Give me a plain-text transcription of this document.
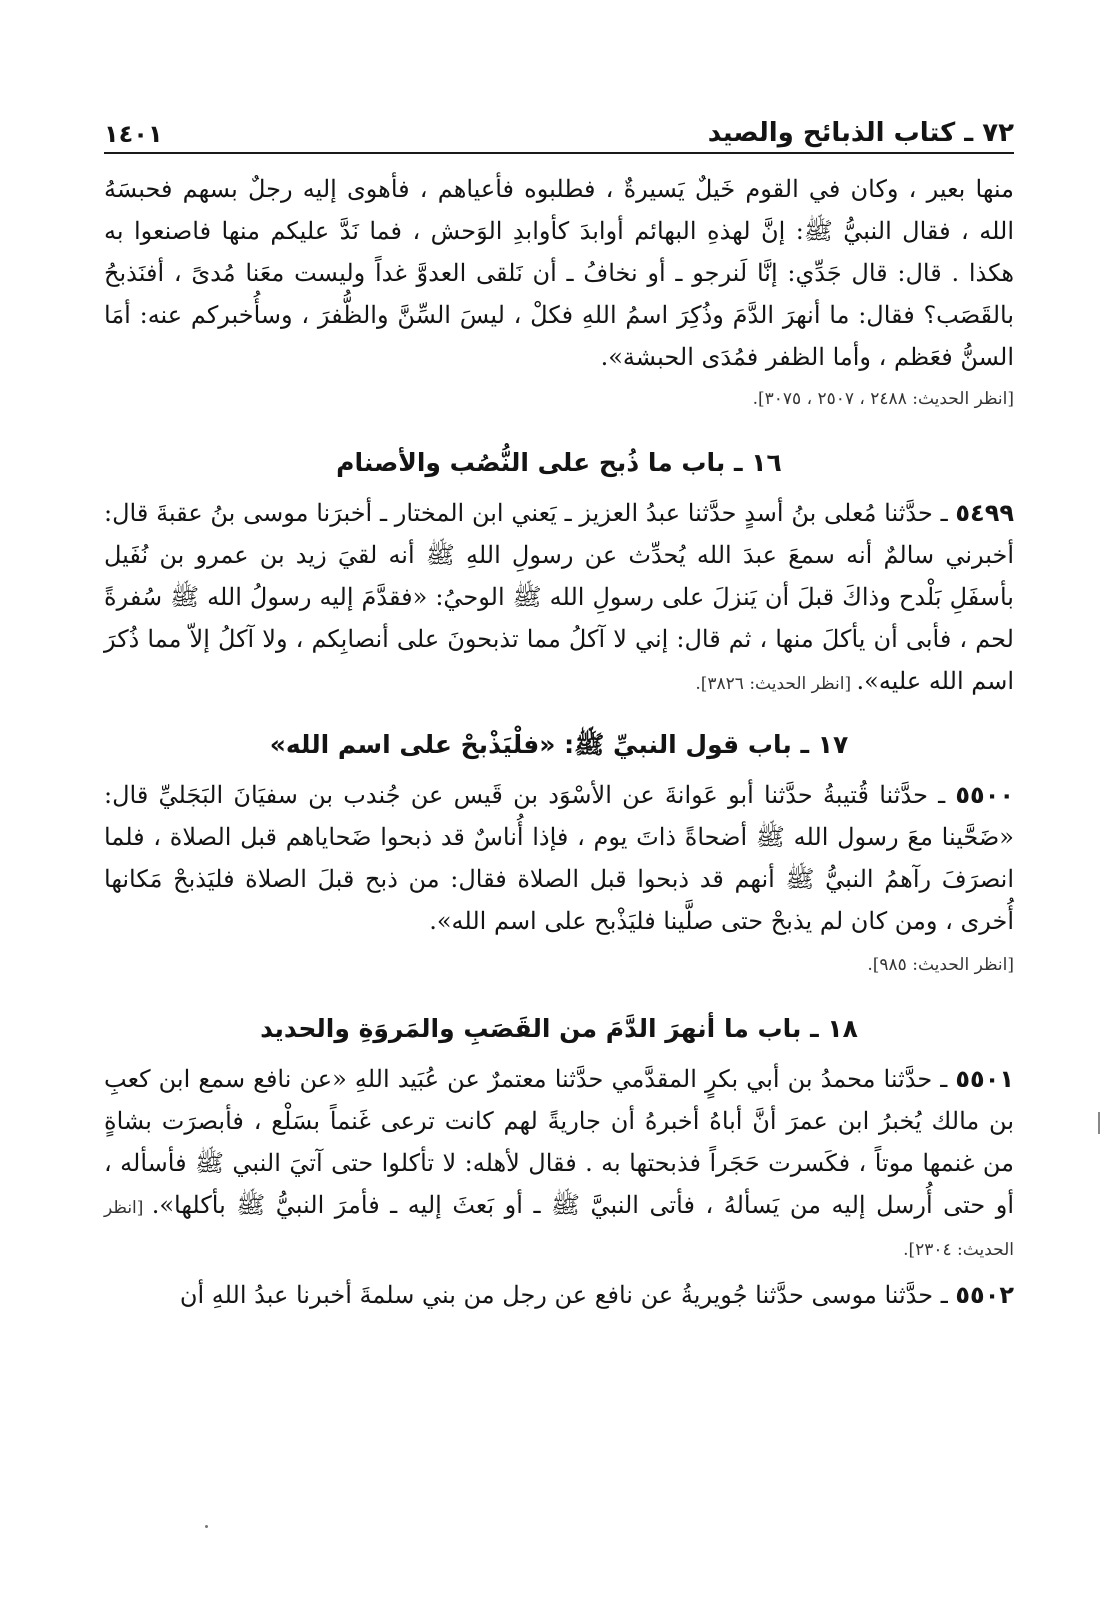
٧٢ ـ كتاب الذبائح والصيد
١٤٠١

منها بعير ، وكان في القوم خَيلٌ يَسيرةٌ ، فطلبوه فأعياهم ، فأهوى إليه رجلٌ بسهم فحبسَهُ الله ، فقال النبيُّ ﷺ: إنَّ لهذهِ البهائم أوابدَ كأوابدِ الوَحش ، فما نَدَّ عليكم منها فاصنعوا به هكذا . قال: قال جَدِّي: إنَّا لَنرجو ـ أو نخافُ ـ أن نَلقى العدوَّ غداً وليست معَنا مُدىً ، أفنَذبحُ بالقَصَب؟ فقال: ما أنهرَ الدَّمَ وذُكِرَ اسمُ اللهِ فكلْ ، ليسَ السِّنَّ والظُّفرَ ، وسأُخبركم عنه: أمَا السنُّ فعَظم ، وأما الظفر فمُدَى الحبشة».

[انظر الحديث: ٢٤٨٨ ، ٢٥٠٧ ، ٣٠٧٥].

١٦ ـ باب ما ذُبح على النُّصُب والأصنام

٥٤٩٩ ـ حدَّثنا مُعلى بنُ أسدٍ حدَّثنا عبدُ العزيز ـ يَعني ابن المختار ـ أخبرَنا موسى بنُ عقبةَ قال: أخبرني سالمٌ أنه سمعَ عبدَ الله يُحدِّث عن رسولِ اللهِ ﷺ أنه لقيَ زيد بن عمرو بن نُفَيل بأسفَلِ بَلْدح وذاكَ قبلَ أن يَنزلَ على رسولِ الله ﷺ الوحيُ: «فقدَّمَ إليه رسولُ الله ﷺ سُفرةً لحم ، فأبى أن يأكلَ منها ، ثم قال: إني لا آكلُ مما تذبحونَ على أنصابِكم ، ولا آكلُ إلاّ مما ذُكرَ اسم الله عليه». [انظر الحديث: ٣٨٢٦].

١٧ ـ باب قول النبيِّ ﷺ: «فلْيَذْبحْ على اسم الله»

٥٥٠٠ ـ حدَّثنا قُتيبةُ حدَّثنا أبو عَوانةَ عن الأسْوَد بن قَيس عن جُندب بن سفيَانَ البَجَليِّ قال: «ضَحَّينا معَ رسول الله ﷺ أضحاةً ذاتَ يوم ، فإذا أُناسٌ قد ذبحوا ضَحاياهم قبل الصلاة ، فلما انصرَفَ رآهمُ النبيُّ ﷺ أنهم قد ذبحوا قبل الصلاة فقال: من ذبح قبلَ الصلاة فليَذبحْ مَكانها أُخرى ، ومن كان لم يذبحْ حتى صلَّينا فليَذْبح على اسم الله».

[انظر الحديث: ٩٨٥].

١٨ ـ باب ما أنهرَ الدَّمَ من القَصَبِ والمَروَةِ والحديد

٥٥٠١ ـ حدَّثنا محمدُ بن أبي بكرٍ المقدَّمي حدَّثنا معتمرٌ عن عُبَيد اللهِ «عن نافع سمع ابن كعبِ بن مالك يُخبرُ ابن عمرَ أنَّ أباهُ أخبرهُ أن جاريةً لهم كانت ترعى غَنماً بسَلْع ، فأبصرَت بشاةٍ من غنمها موتاً ، فكَسرت حَجَراً فذبحتها به . فقال لأهله: لا تأكلوا حتى آتيَ النبي ﷺ فأسأله ، أو حتى أُرسل إليه من يَسألهُ ، فأتى النبيَّ ﷺ ـ أو بَعثَ إليه ـ فأمرَ النبيُّ ﷺ بأكلها». [انظر الحديث: ٢٣٠٤].

٥٥٠٢ ـ حدَّثنا موسى حدَّثنا جُويريةُ عن نافع عن رجل من بني سلمةَ أخبرنا عبدُ اللهِ أن
